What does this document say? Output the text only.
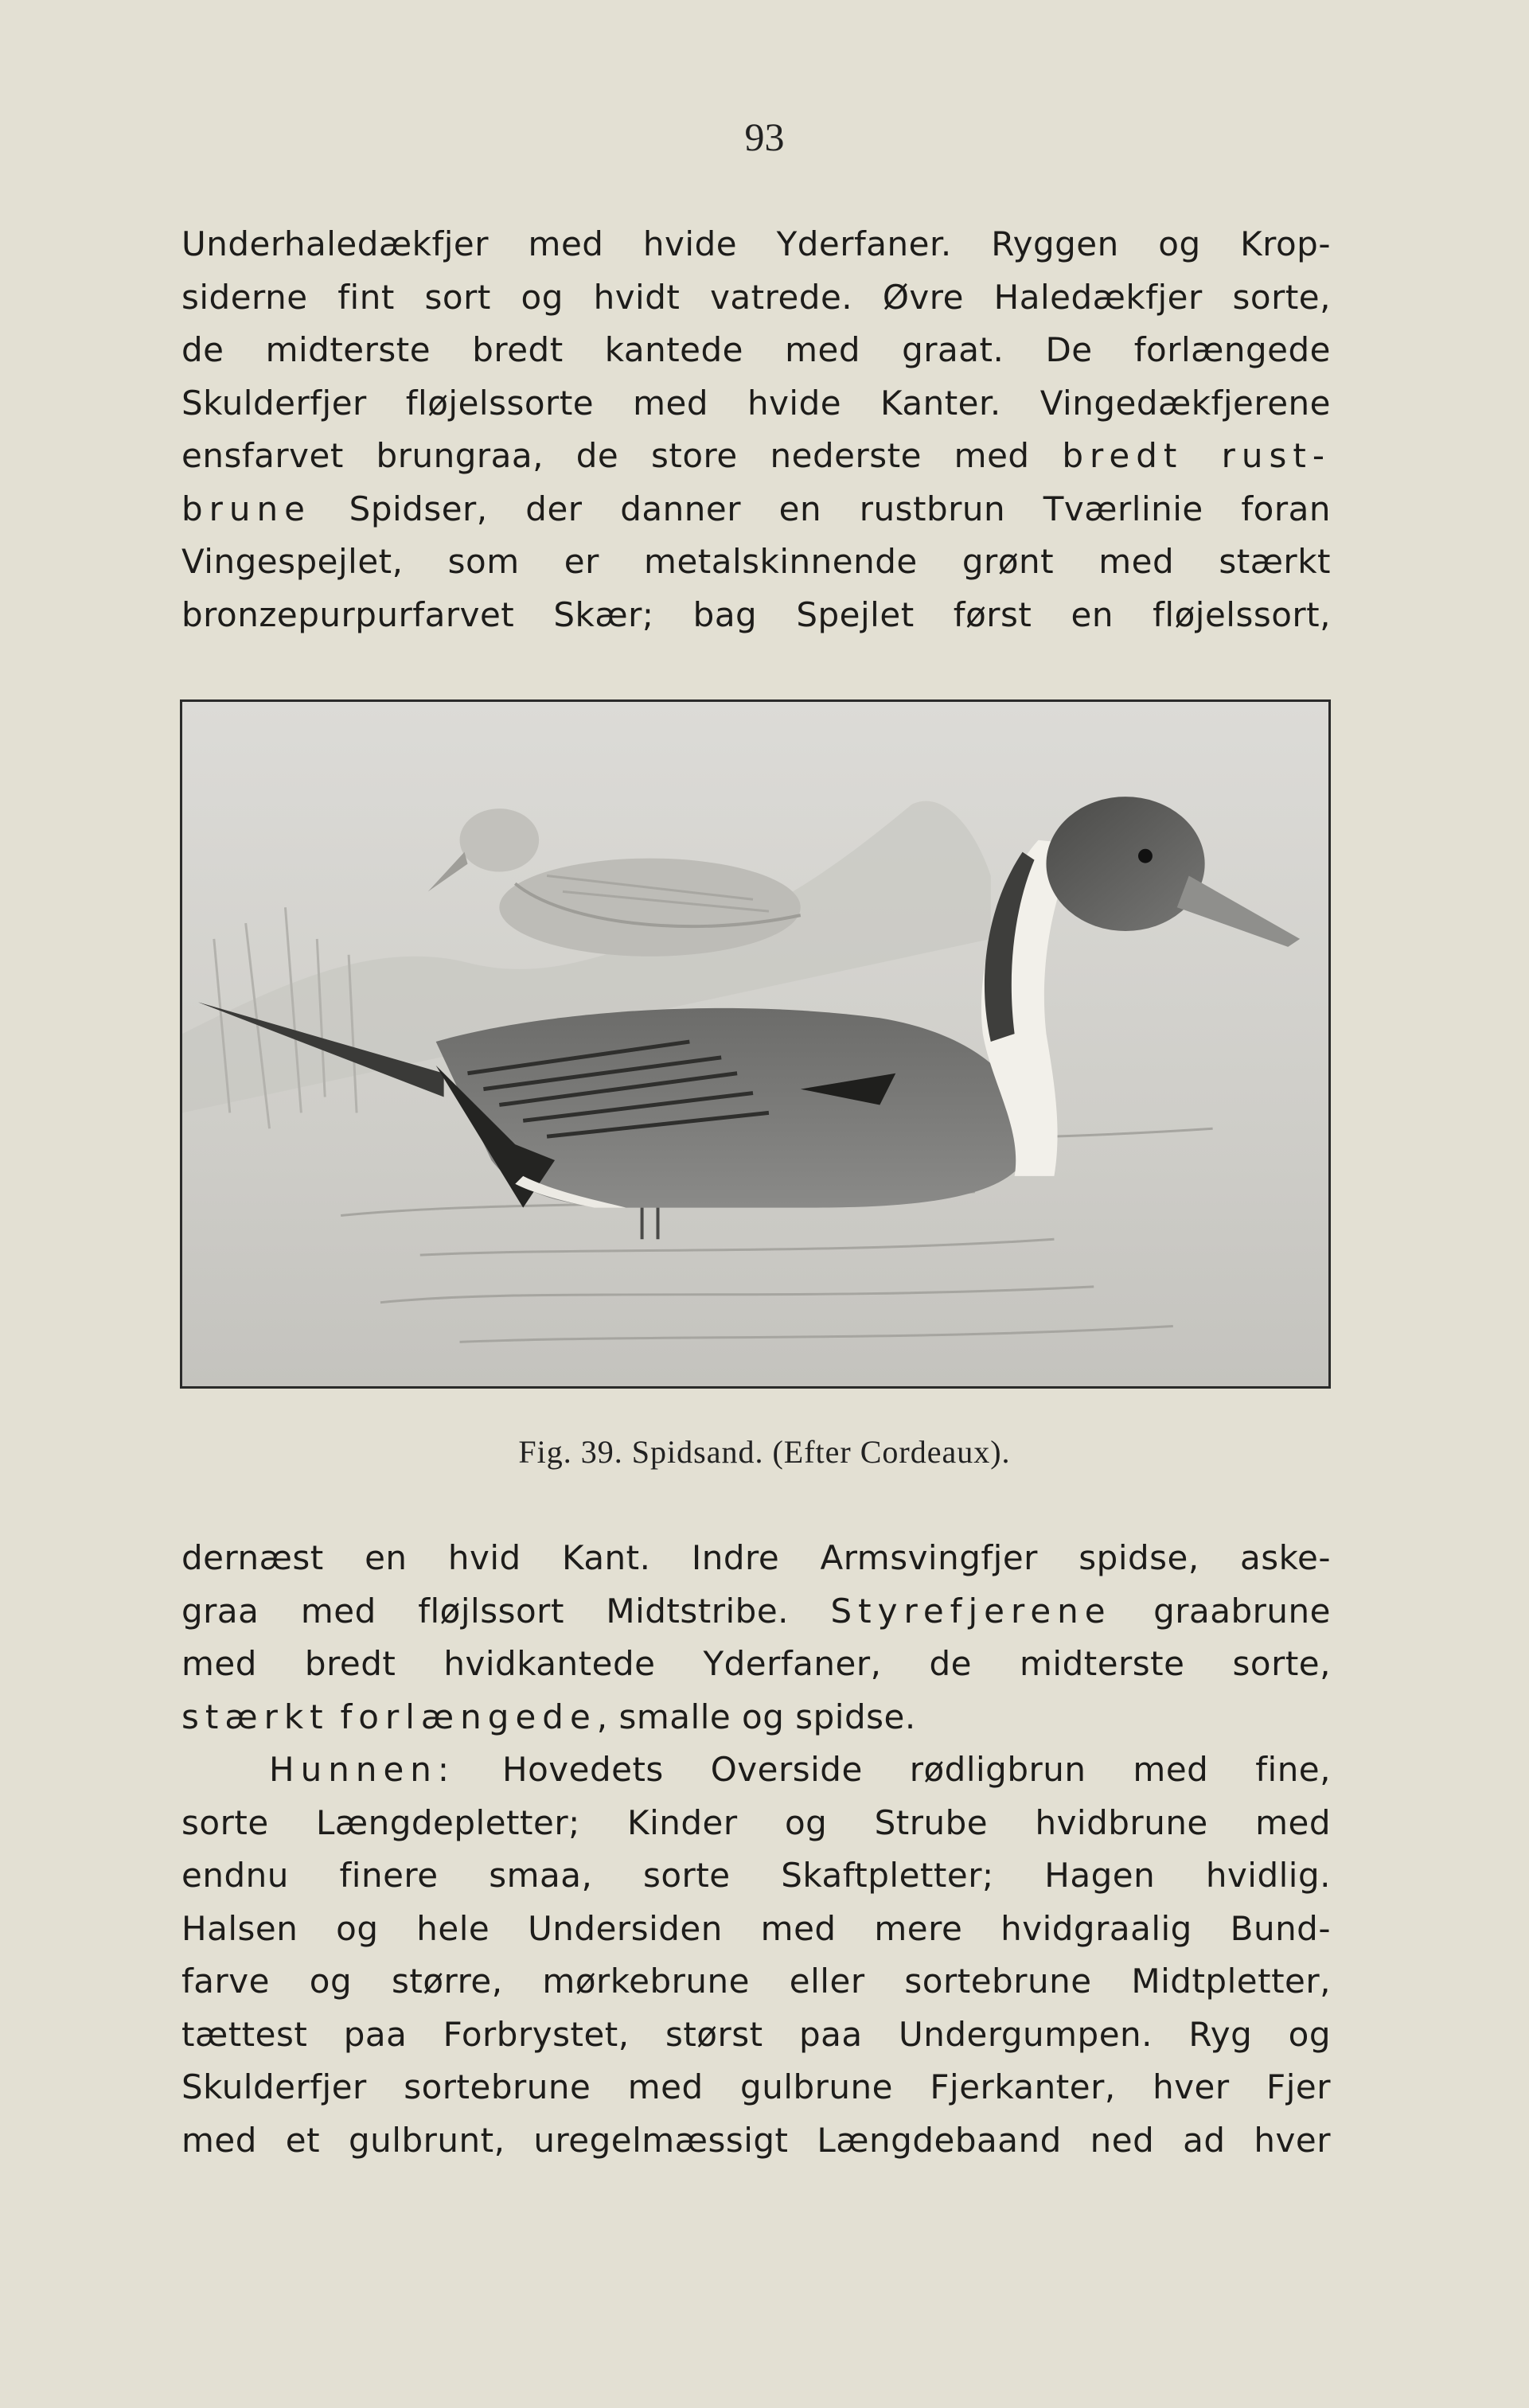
93
Underhaledækfjer med hvide Yderfaner. Ryggen og Krop-
siderne fint sort og hvidt vatrede. Øvre Haledækfjer sorte,
de midterste bredt kantede med graat. De forlængede
Skulderfjer fløjelssorte med hvide Kanter. Vingedækfjerene
ensfarvet brungraa, de store nederste med bredt rust-
brune Spidser, der danner en rustbrun Tværlinie foran
Vingespejlet, som er metalskinnende grønt med stærkt
bronzepurpurfarvet Skær; bag Spejlet først en fløjelssort,
Fig. 39. Spidsand. (Efter Cordeaux).
dernæst en hvid Kant. Indre Armsvingfjer spidse, aske-
graa med fløjlssort Midtstribe. Styrefjerene graabrune
med bredt hvidkantede Yderfaner, de midterste sorte,
stærkt forlængede, smalle og spidse.
Hunnen: Hovedets Overside rødligbrun med fine,
sorte Længdepletter; Kinder og Strube hvidbrune med
endnu finere smaa, sorte Skaftpletter; Hagen hvidlig.
Halsen og hele Undersiden med mere hvidgraalig Bund-
farve og større, mørkebrune eller sortebrune Midtpletter,
tættest paa Forbrystet, størst paa Undergumpen. Ryg og
Skulderfjer sortebrune med gulbrune Fjerkanter, hver Fjer
med et gulbrunt, uregelmæssigt Længdebaand ned ad hver
